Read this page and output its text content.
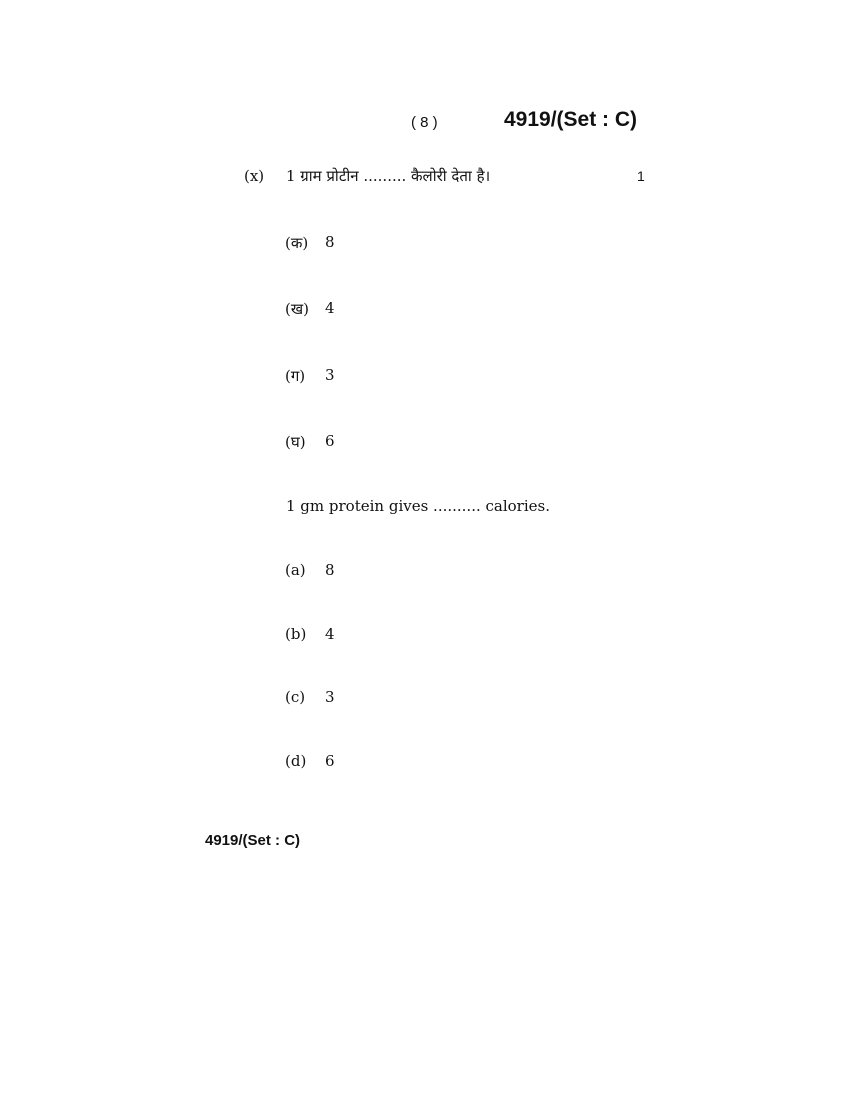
( 8 )	4919/(Set : C)
(x) 1 ग्राम प्रोटीन ......... कैलोरी देता है।	1
(क) 8
(ख) 4
(ग) 3
(घ) 6
1 gm protein gives .......... calories.
(a) 8
(b) 4
(c) 3
(d) 6
4919/(Set : C)
